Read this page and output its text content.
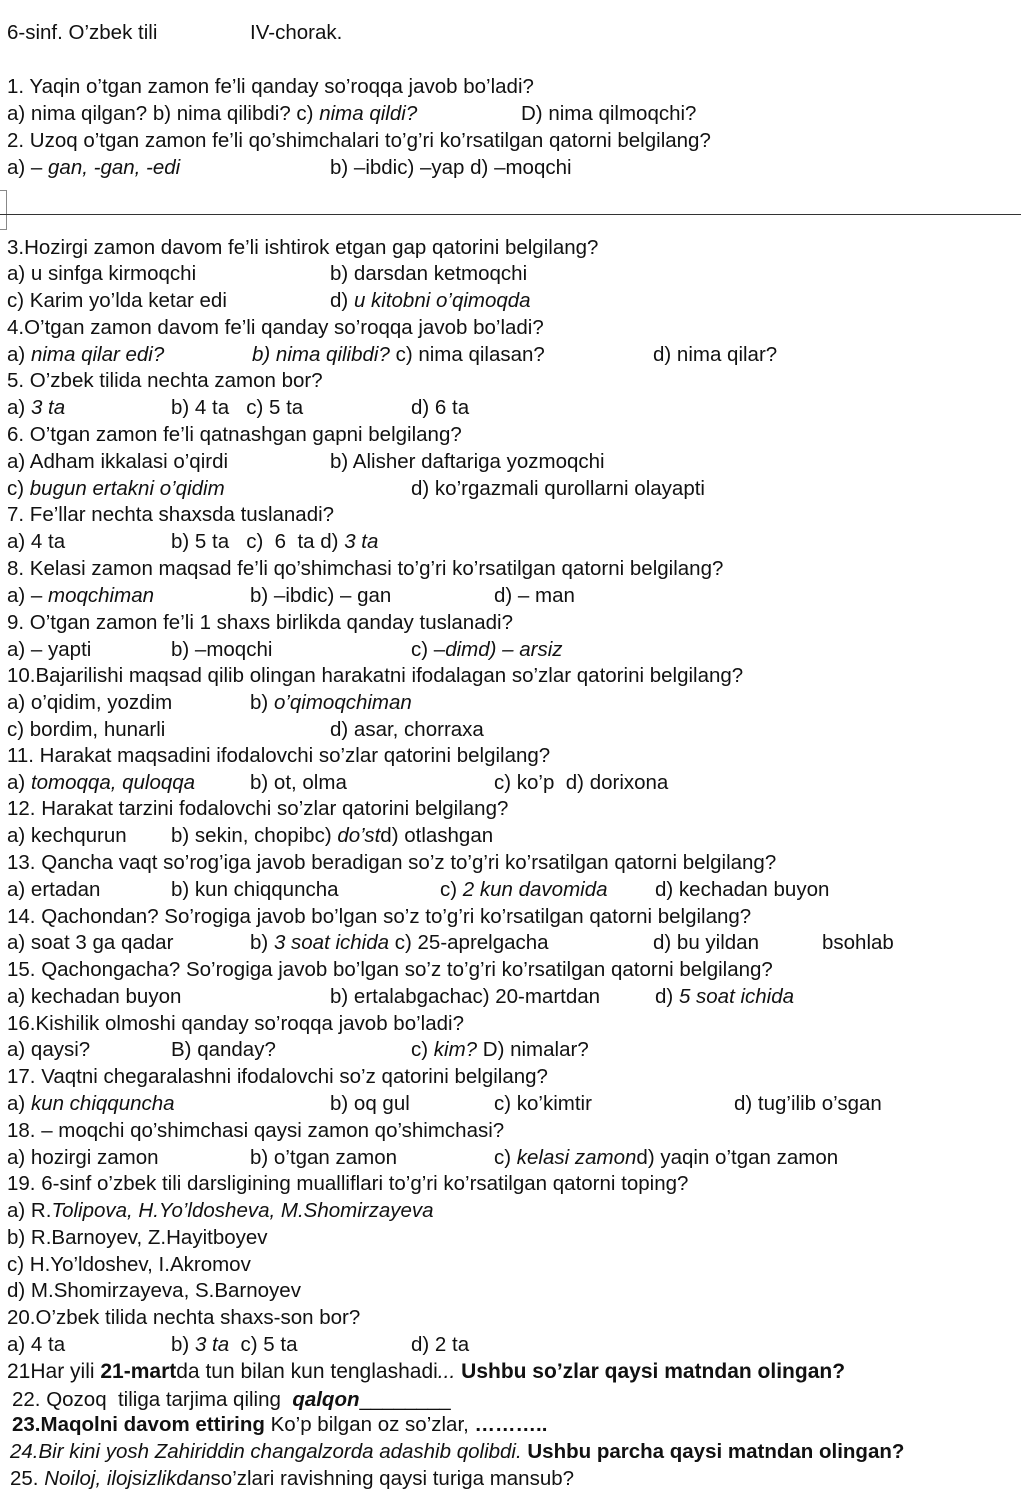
6-sinf. O’zbek tili	IV-chorak.
1. Yaqin o’tgan zamon fe’li qanday so’roqqa javob bo’ladi?
a) nima qilgan? b) nima qilibdi? c) nima qildi?	D) nima qilmoqchi?
2. Uzoq o’tgan zamon fe’li qo’shimchalari to’g’ri ko’rsatilgan qatorni belgilang?
a) – gan, -gan, -edi	b) –ibdic) –yap d) –moqchi
3.Hozirgi zamon davom fe’li ishtirok etgan gap qatorini belgilang?
a) u sinfga kirmoqchi	b) darsdan ketmoqchi
c) Karim yo’lda ketar edi	d) u kitobni o’qimoqda
4.O’tgan zamon davom fe’li qanday so’roqqa javob bo’ladi?
a) nima qilar edi?	b) nima qilibdi? c) nima qilasan?	d) nima qilar?
5. O’zbek tilida nechta zamon bor?
a) 3 ta	b) 4 ta   c) 5 ta	d) 6 ta
6. O’tgan zamon fe’li qatnashgan gapni belgilang?
a) Adham ikkalasi o’qirdi	b) Alisher daftariga yozmoqchi
c) bugun ertakni o’qidim	d) ko’rgazmali qurollarni olayapti
7. Fe’llar nechta shaxsda tuslanadi?
a) 4 ta	b) 5 ta   c)  6  ta d) 3 ta
8. Kelasi zamon maqsad fe’li qo’shimchasi to’g’ri ko’rsatilgan qatorni belgilang?
a) – moqchiman	b) –ibdic) – gan	d) – man
9. O’tgan zamon fe’li 1 shaxs birlikda qanday tuslanadi?
a) – yapti	b) –moqchi	c) –dimd) – arsiz
10.Bajarilishi maqsad qilib olingan harakatni ifodalagan so’zlar qatorini belgilang?
a) o’qidim, yozdim	b) o’qimoqchiman
c) bordim, hunarli	d) asar, chorraxa
11. Harakat maqsadini ifodalovchi so’zlar qatorini belgilang?
a) tomoqqa, quloqqa	b) ot, olma	c) ko’p  d) dorixona
12. Harakat tarzini fodalovchi so’zlar qatorini belgilang?
a) kechqurun b) sekin, chopibc) do’std) otlashgan
13. Qancha vaqt so’rog’iga javob beradigan so’z to’g’ri ko’rsatilgan qatorni belgilang?
a) ertadan	b) kun chiqquncha	c) 2 kun davomida d) kechadan buyon
14. Qachondan? So’rogiga javob bo’lgan so’z to’g’ri ko’rsatilgan qatorni belgilang?
a) soat 3 ga qadar	b) 3 soat ichida c) 25-aprelgacha	d) bu yildan	bsohlab
15. Qachongacha? So’rogiga javob bo’lgan so’z to’g’ri ko’rsatilgan qatorni belgilang?
a) kechadan buyon	b) ertalabgachac) 20-martdan	d) 5 soat ichida
16.Kishilik olmoshi qanday so’roqqa javob bo’ladi?
a) qaysi?	B) qanday?	c) kim? D) nimalar?
17. Vaqtni chegaralashni ifodalovchi so’z qatorini belgilang?
a) kun chiqquncha	b) oq gul	c) ko’kimtir	d) tug’ilib o’sgan
18. – moqchi qo’shimchasi qaysi zamon qo’shimchasi?
a) hozirgi zamon	b) o’tgan zamon	c) kelasi zamond) yaqin o’tgan zamon
19. 6-sinf o’zbek tili darsligining mualliflari to’g’ri ko’rsatilgan qatorni toping?
a) R.Tolipova, H.Yo’ldosheva, M.Shomirzayeva
b) R.Barnoyev, Z.Hayitboyev
c) H.Yo’ldoshev, I.Akromov
d) M.Shomirzayeva, S.Barnoyev
20.O’zbek tilida nechta shaxs-son bor?
a) 4 ta	b) 3 ta  c) 5 ta	d) 2 ta
21Har yili 21-martda tun bilan kun tenglashadi... Ushbu so’zlar qaysi matndan olingan?
22. Qozoq  tiliga tarjima qiling  qalqon________
23.Maqolni davom ettiring Ko’p bilgan oz so’zlar, ………..
24.Bir kini yosh Zahiriddin changalzorda adashib qolibdi. Ushbu parcha qaysi matndan olingan?
25. Noiloj, ilojsizlikdanso’zlari ravishning qaysi turiga mansub?
